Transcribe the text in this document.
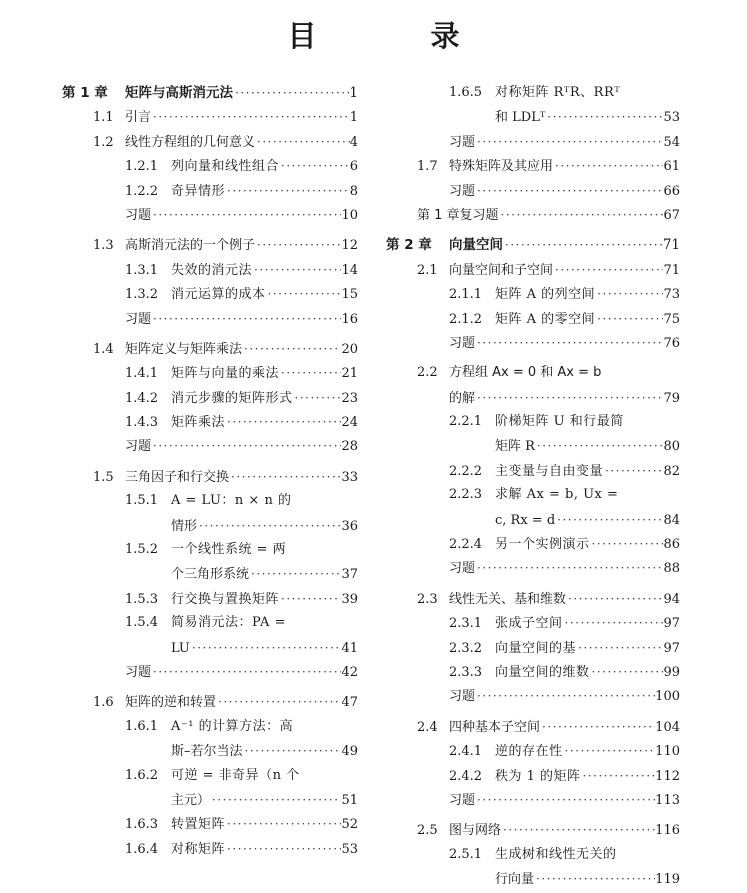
目 录
第 1 章	矩阵与高斯消元法 ·····	1
1.1 引言 ·····	1
1.2 线性方程组的几何意义 ·····	4
1.2.1 列向量和线性组合 ·····	6
1.2.2 奇异情形 ·····	8
习题 ·····	10
1.3 高斯消元法的一个例子 ·····	12
1.3.1 失效的消元法 ·····	14
1.3.2 消元运算的成本 ·····	15
习题 ·····	16
1.4 矩阵定义与矩阵乘法 ·····	20
1.4.1 矩阵与向量的乘法 ·····	21
1.4.2 消元步骤的矩阵形式 ·····	23
1.4.3 矩阵乘法 ·····	24
习题 ·····	28
1.5 三角因子和行交换 ·····	33
1.5.1 A = LU：n × n 的
情形 ·····	36
1.5.2 一个线性系统 = 两
个三角形系统 ·····	37
1.5.3 行交换与置换矩阵 ·····	39
1.5.4 简易消元法：PA =
LU ·····	41
习题 ·····	42
1.6 矩阵的逆和转置 ·····	47
1.6.1 A⁻¹ 的计算方法：高
斯–若尔当法 ·····	49
1.6.2 可逆 = 非奇异（n 个
主元） ·····	51
1.6.3 转置矩阵 ·····	52
1.6.4 对称矩阵 ·····	53
1.6.5 对称矩阵 RᵀR、RRᵀ
和 LDLᵀ ·····	53
习题 ·····	54
1.7 特殊矩阵及其应用 ·····	61
习题 ·····	66
第 1 章复习题 ·····	67
第 2 章	向量空间 ·····	71
2.1 向量空间和子空间 ·····	71
2.1.1 矩阵 A 的列空间 ·····	73
2.1.2 矩阵 A 的零空间 ·····	75
习题 ·····	76
2.2 方程组 Ax = 0 和 Ax = b
的解 ·····	79
2.2.1 阶梯矩阵 U 和行最简
矩阵 R ·····	80
2.2.2 主变量与自由变量 ·····	82
2.2.3 求解 Ax = b, Ux =
c, Rx = d ·····	84
2.2.4 另一个实例演示 ·····	86
习题 ·····	88
2.3 线性无关、基和维数 ·····	94
2.3.1 张成子空间 ·····	97
2.3.2 向量空间的基 ·····	97
2.3.3 向量空间的维数 ·····	99
习题 ·····	100
2.4 四种基本子空间 ·····	104
2.4.1 逆的存在性 ·····	110
2.4.2 秩为 1 的矩阵 ·····	112
习题 ·····	113
2.5 图与网络 ·····	116
2.5.1 生成树和线性无关的
行向量 ·····	119
